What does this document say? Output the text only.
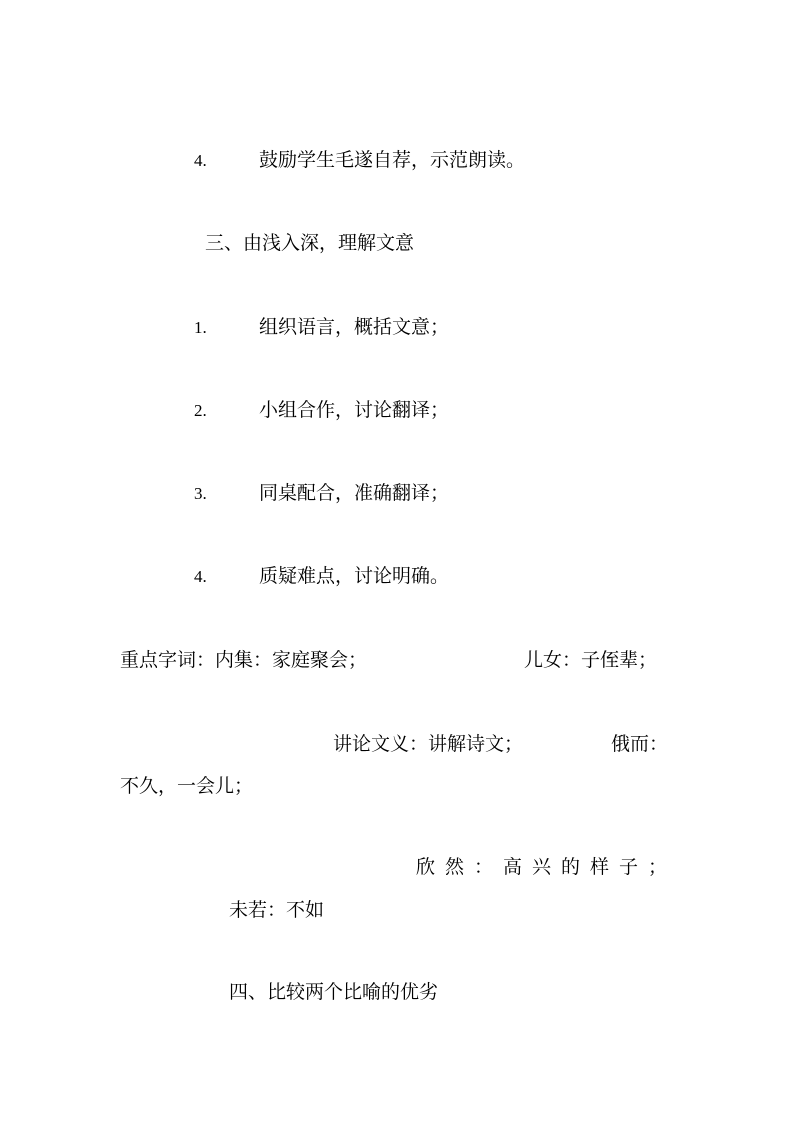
4.	鼓励学生毛遂自荐，示范朗读。
三、由浅入深，理解文意
1.	组织语言，概括文意；
2.	小组合作，讨论翻译；
3.	同桌配合，准确翻译；
4.	质疑难点，讨论明确。
重点字词：内集：家庭聚会；	儿女：子侄辈；
讲论文义：讲解诗文；	俄而：
不久，一会儿；
欣然：高兴的样子；
未若：不如
四、比较两个比喻的优劣
